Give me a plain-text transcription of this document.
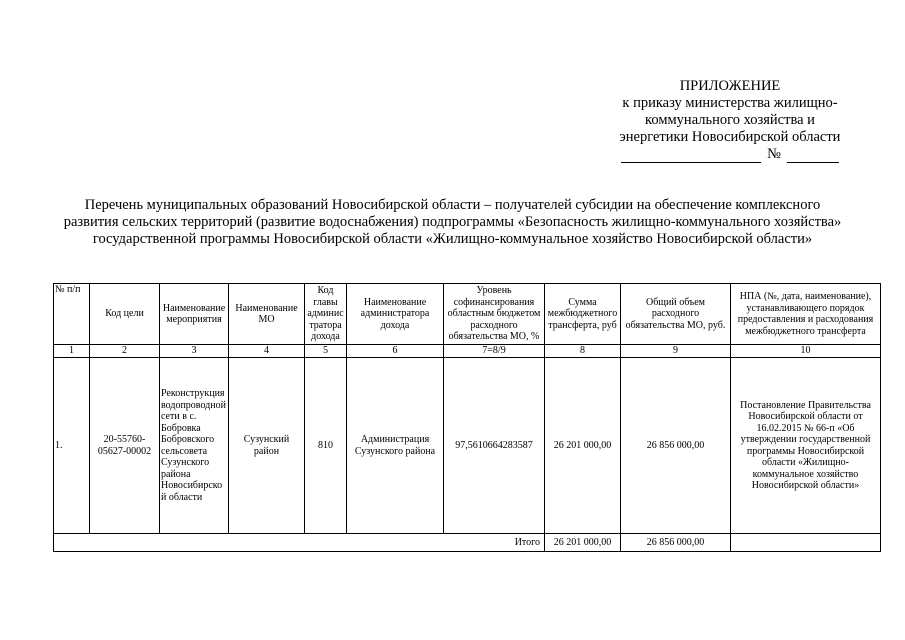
ПРИЛОЖЕНИЕ
к приказу министерства жилищно-
коммунального хозяйства и
энергетики Новосибирской области
№
Перечень муниципальных образований Новосибирской области – получателей субсидии на обеспечение комплексного развития сельских территорий (развитие водоснабжения) подпрограммы «Безопасность жилищно-коммунального хозяйства» государственной программы Новосибирской области «Жилищно-коммунальное хозяйство Новосибирской области»
№ п/п	Код цели	Наименование мероприятия	Наименование МО	Код главы администратора дохода	Наименование администратора дохода	Уровень софинансирования областным бюджетом расходного обязательства МО, %	Сумма межбюджетного трансферта, руб	Общий объем расходного обязательства МО, руб.	НПА (№, дата, наименование), устанавливающего порядок предоставления и расходования межбюджетного трансферта
1	2	3	4	5	6	7=8/9	8	9	10
1.	20-55760-05627-00002	Реконструкция водопроводной сети в с. Бобровка Бобровского сельсовета Сузунского района Новосибирской области	Сузунский район	810	Администрация Сузунского района	97,5610664283587	26 201 000,00	26 856 000,00	Постановление Правительства Новосибирской области от 16.02.2015 № 66-п «Об утверждении государственной программы Новосибирской области «Жилищно-коммунальное хозяйство Новосибирской области»
Итого							26 201 000,00	26 856 000,00	
